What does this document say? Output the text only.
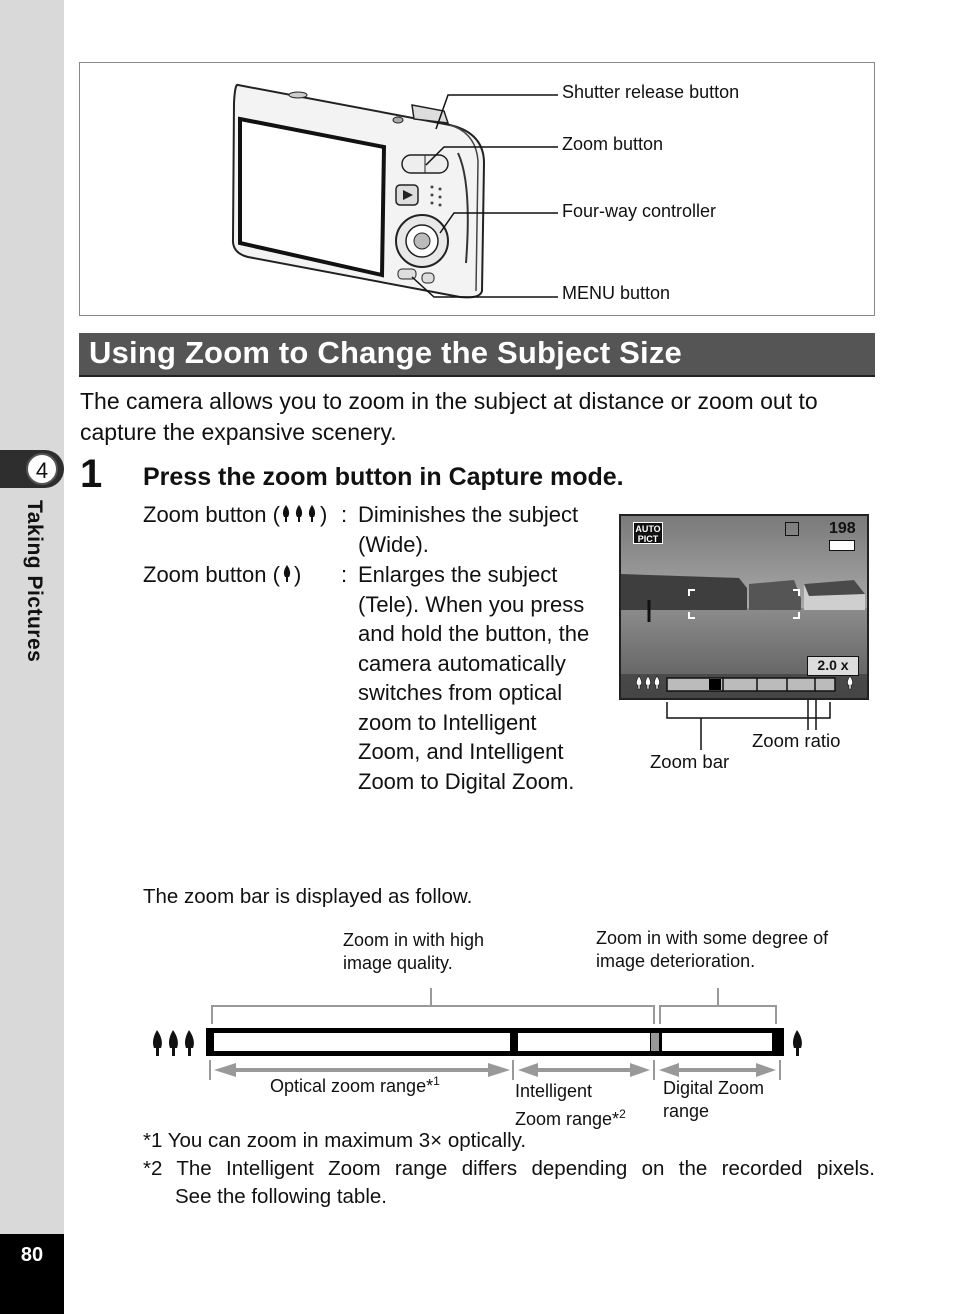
4
Taking Pictures
80
Shutter release button
Zoom button
Four-way controller
MENU button
Using Zoom to Change the Subject Size
The camera allows you to zoom in the subject at distance or zoom out to capture the expansive scenery.
1 Press the zoom button in Capture mode.
Zoom button ( ) : Diminishes the subject (Wide).
Zoom button ( ) : Enlarges the subject (Tele). When you press and hold the button, the camera automatically switches from optical zoom to Intelligent Zoom, and Intelligent Zoom to Digital Zoom.
AUTO
PICT
198
2.0 x
Zoom ratio
Zoom bar
The zoom bar is displayed as follow.
Zoom in with high
image quality.
Zoom in with some degree of
image deterioration.
Optical zoom range*$^1$	Intelligent
Zoom range*$^2$
Digital Zoom
range
*1 You can zoom in maximum 3× optically.
*2 The Intelligent Zoom range differs depending on the recorded pixels.
See the following table.
